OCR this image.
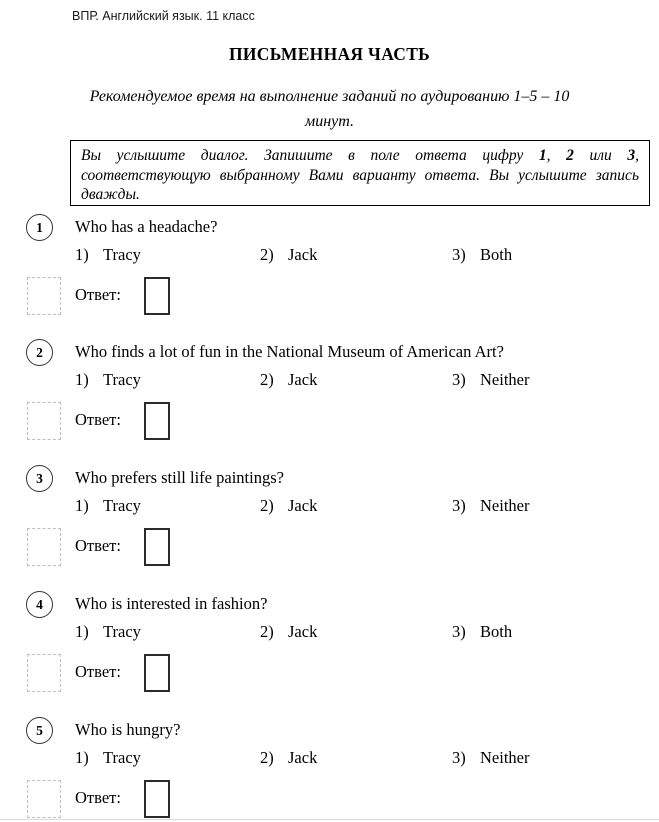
ВПР. Английский язык. 11 класс
ПИСЬМЕННАЯ ЧАСТЬ
Рекомендуемое время на выполнение заданий по аудированию 1–5 – 10
минут.
Вы услышите диалог. Запишите в поле ответа цифру 1, 2 или 3, соответствующую выбранному Вами варианту ответа. Вы услышите запись дважды.
1 Who has a headache?
1) Tracy	2) Jack	3) Both
Ответ:
2 Who finds a lot of fun in the National Museum of American Art?
1) Tracy	2) Jack	3) Neither
Ответ:
3 Who prefers still life paintings?
1) Tracy	2) Jack	3) Neither
Ответ:
4 Who is interested in fashion?
1) Tracy	2) Jack	3) Both
Ответ:
5 Who is hungry?
1) Tracy	2) Jack	3) Neither
Ответ:
